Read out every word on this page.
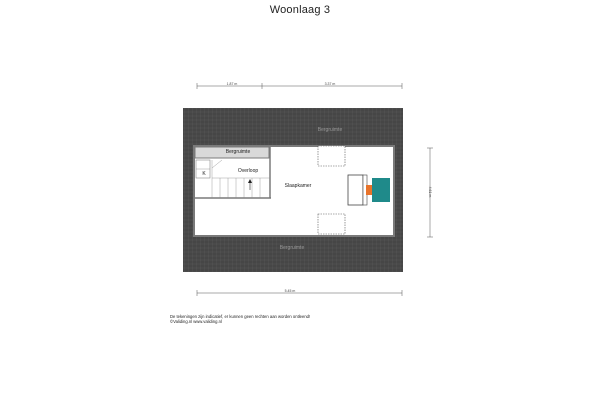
Woonlaag 3
1.87 m	3.37 m
5.45 m
4.61 m
Bergruimte
Bergruimte
K	Overloop
Slaapkamer
Bergruimte
De tekeningen zijn indicatief, er kunnen geen rechten aan worden ontleend!
©Validing.nl www.validing.nl
